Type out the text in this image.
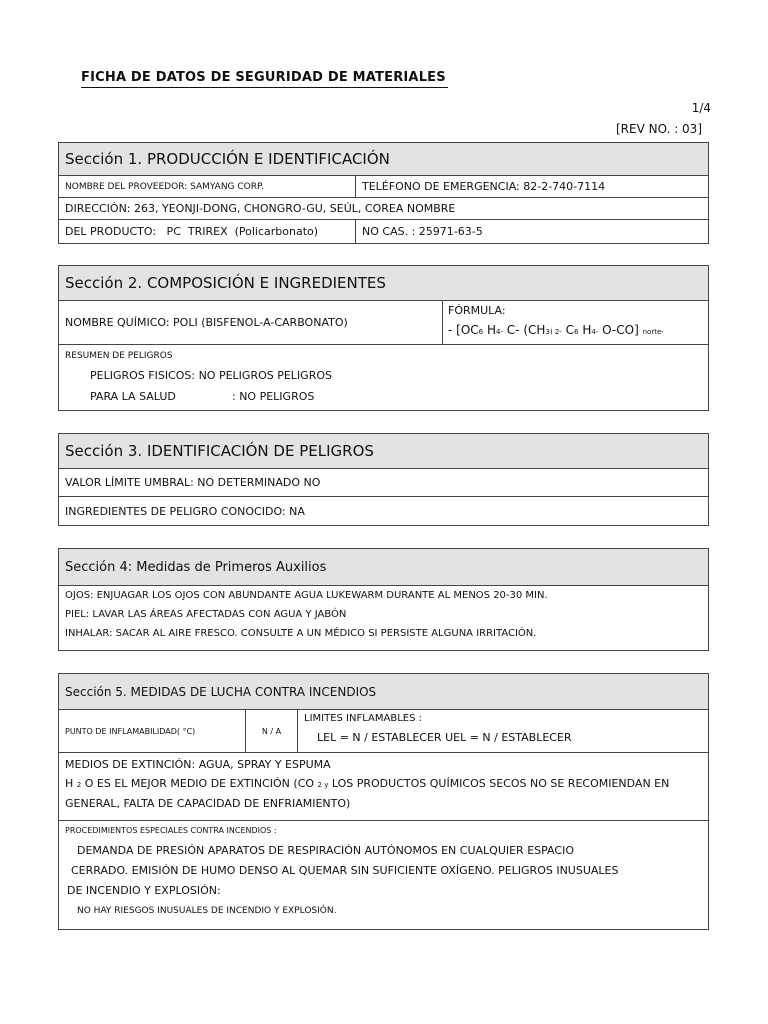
FICHA DE DATOS DE SEGURIDAD DE MATERIALES
1/4
[REV NO. : 03]
Sección 1. PRODUCCIÓN E IDENTIFICACIÓN
NOMBRE DEL PROVEEDOR: SAMYANG CORP.	TELÉFONO DE EMERGENCIA: 82-2-740-7114
DIRECCIÓN: 263, YEONJI-DONG, CHONGRO-GU, SEÚL, COREA NOMBRE
DEL PRODUCTO:   PC  TRIREX  (Policarbonato)	NO CAS. : 25971-63-5
Sección 2. COMPOSICIÓN E INGREDIENTES
NOMBRE QUÍMICO: POLI (BISFENOL-A-CARBONATO)
FÓRMULA:
- [OC6 H4- C- (CH3) 2- C6 H4- O-CO] norte-
RESUMEN DE PELIGROS
PELIGROS FISICOS: NO PELIGROS PELIGROS
PARA LA SALUD	: NO PELIGROS
Sección 3. IDENTIFICACIÓN DE PELIGROS
VALOR LÍMITE UMBRAL: NO DETERMINADO NO
INGREDIENTES DE PELIGRO CONOCIDO: NA
Sección 4: Medidas de Primeros Auxilios
OJOS: ENJUAGAR LOS OJOS CON ABUNDANTE AGUA LUKEWARM DURANTE AL MENOS 20-30 MIN.
PIEL: LAVAR LAS ÁREAS AFECTADAS CON AGUA Y JABÓN
INHALAR: SACAR AL AIRE FRESCO. CONSULTE A UN MÉDICO SI PERSISTE ALGUNA IRRITACIÓN.
Sección 5. MEDIDAS DE LUCHA CONTRA INCENDIOS
PUNTO DE INFLAMABILIDAD( °C)	N / A
LIMITES INFLAMABLES :
LEL = N / ESTABLECER UEL = N / ESTABLECER
MEDIOS DE EXTINCIÓN: AGUA, SPRAY Y ESPUMA
H 2 O ES EL MEJOR MEDIO DE EXTINCIÓN (CO 2 y LOS PRODUCTOS QUÍMICOS SECOS NO SE RECOMIENDAN EN
GENERAL, FALTA DE CAPACIDAD DE ENFRIAMIENTO)
PROCEDIMIENTOS ESPECIALES CONTRA INCENDIOS :
DEMANDA DE PRESIÓN APARATOS DE RESPIRACIÓN AUTÓNOMOS EN CUALQUIER ESPACIO
CERRADO. EMISIÓN DE HUMO DENSO AL QUEMAR SIN SUFICIENTE OXÍGENO. PELIGROS INUSUALES
DE INCENDIO Y EXPLOSIÓN:
NO HAY RIESGOS INUSUALES DE INCENDIO Y EXPLOSIÓN.
